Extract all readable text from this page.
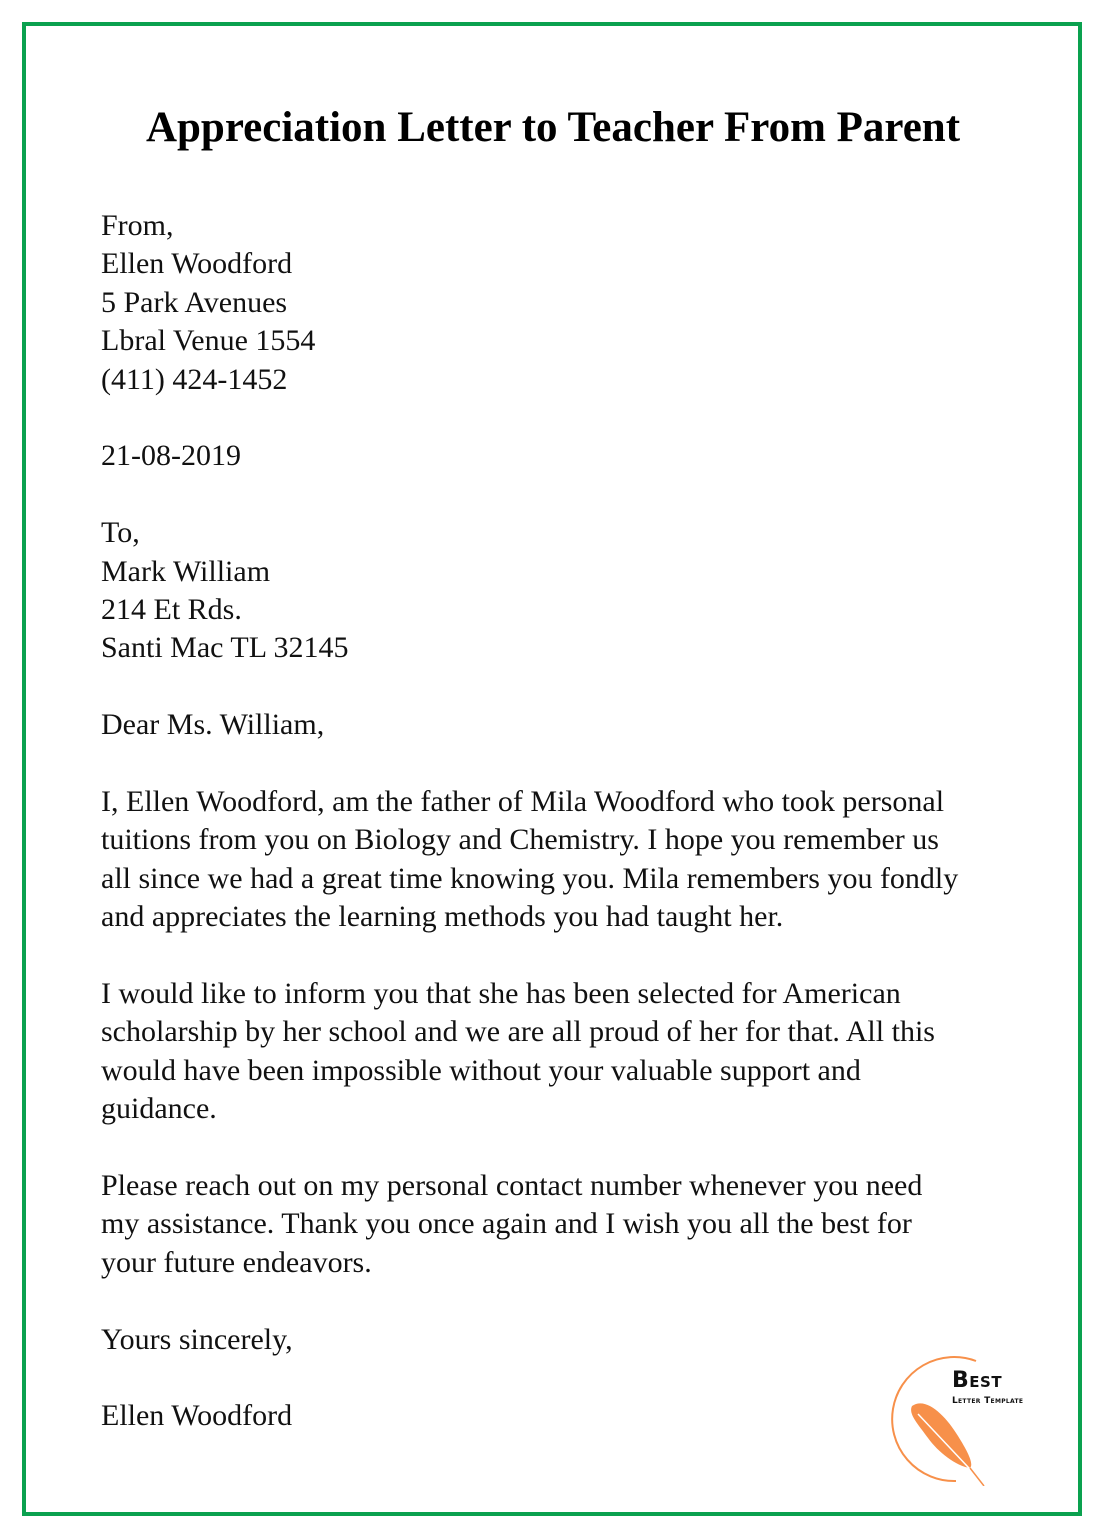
Appreciation Letter to Teacher From Parent
From,
Ellen Woodford
5 Park Avenues
Lbral Venue 1554
(411) 424-1452
21-08-2019
To,
Mark William
214 Et Rds.
Santi Mac TL 32145
Dear Ms. William,
I, Ellen Woodford, am the father of Mila Woodford who took personal
tuitions from you on Biology and Chemistry. I hope you remember us
all since we had a great time knowing you. Mila remembers you fondly
and appreciates the learning methods you had taught her.
I would like to inform you that she has been selected for American
scholarship by her school and we are all proud of her for that. All this
would have been impossible without your valuable support and
guidance.
Please reach out on my personal contact number whenever you need
my assistance. Thank you once again and I wish you all the best for
your future endeavors.
Yours sincerely,
Ellen Woodford
Best
Letter Template
